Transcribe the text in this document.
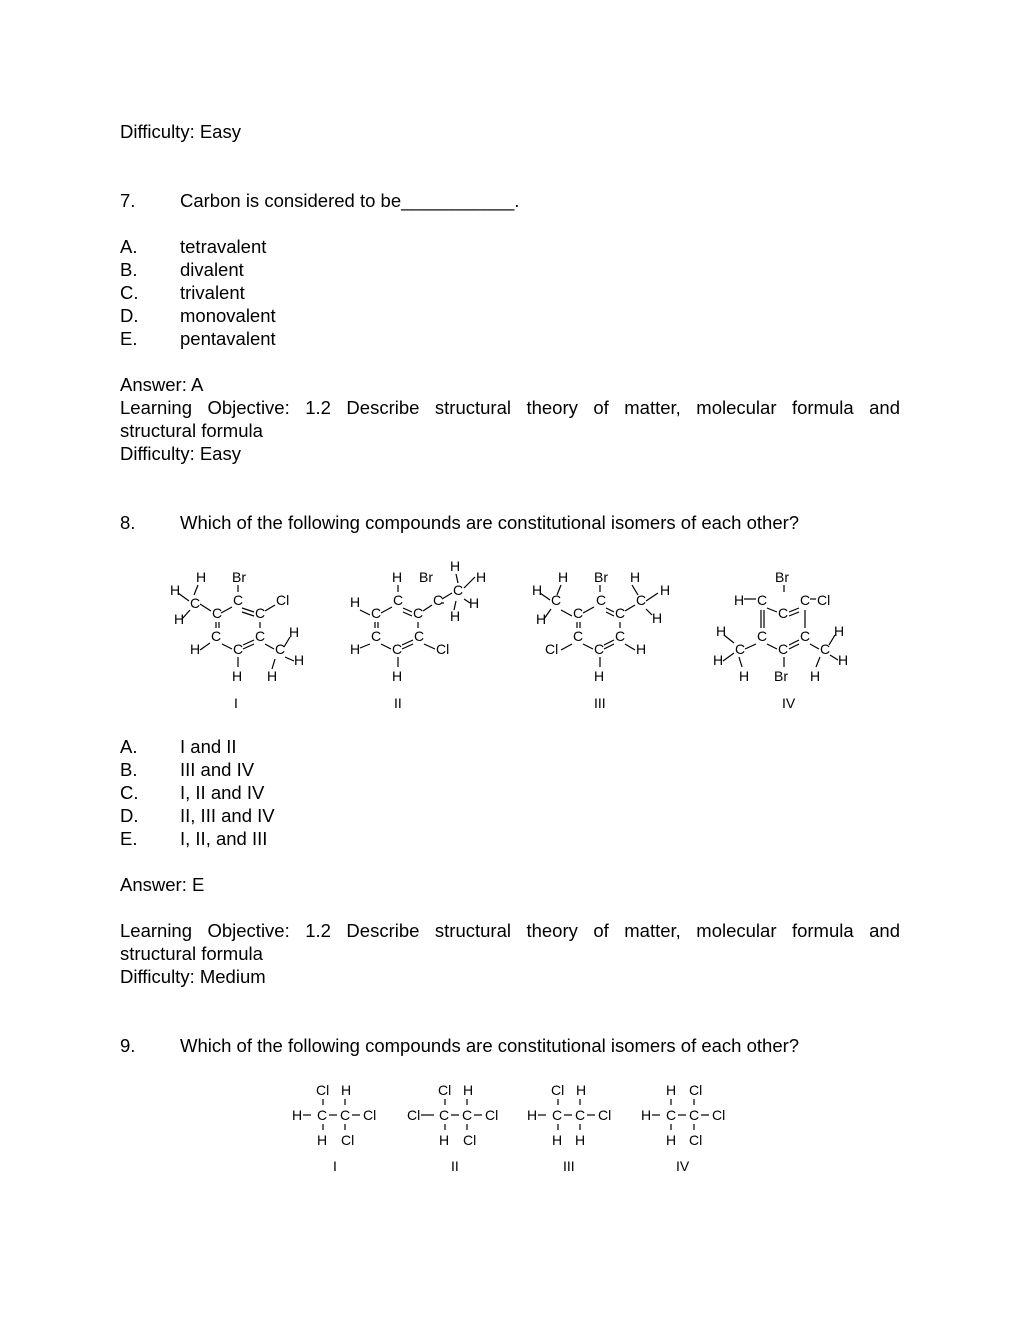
Difficulty: Easy
7. Carbon is considered to be___________.
A. tetravalent
B. divalent
C. trivalent
D. monovalent
E. pentavalent
Answer: A
Learning Objective: 1.2 Describe structural theory of matter, molecular formula and
structural formula
Difficulty: Easy
8. Which of the following compounds are constitutional isomers of each other?
H Br
H
C C
C
Cl
H C
C C
H C C
H
H
H H
I
H Br
H
H
C C
C
H
H
H
C
C C
Cl
H C
H
C
II
H Br H
H
C
H
C C
H C C H
C C
Cl	C H
H
III
Br
H C C Cl
C
H C C H
C C C
H
H Br H
H
IV
A. I and II
B. III and IV
C. I, II and IV
D. II, III and IV
E. I, II, and III
Answer: E
Learning Objective: 1.2 Describe structural theory of matter, molecular formula and
structural formula
Difficulty: Medium
9. Which of the following compounds are constitutional isomers of each other?
Cl H
H C C Cl
H Cl
I
Cl H
Cl C C Cl
H Cl
II
Cl H
H C C Cl
H H
III
H Cl
H C C Cl
H Cl
IV
